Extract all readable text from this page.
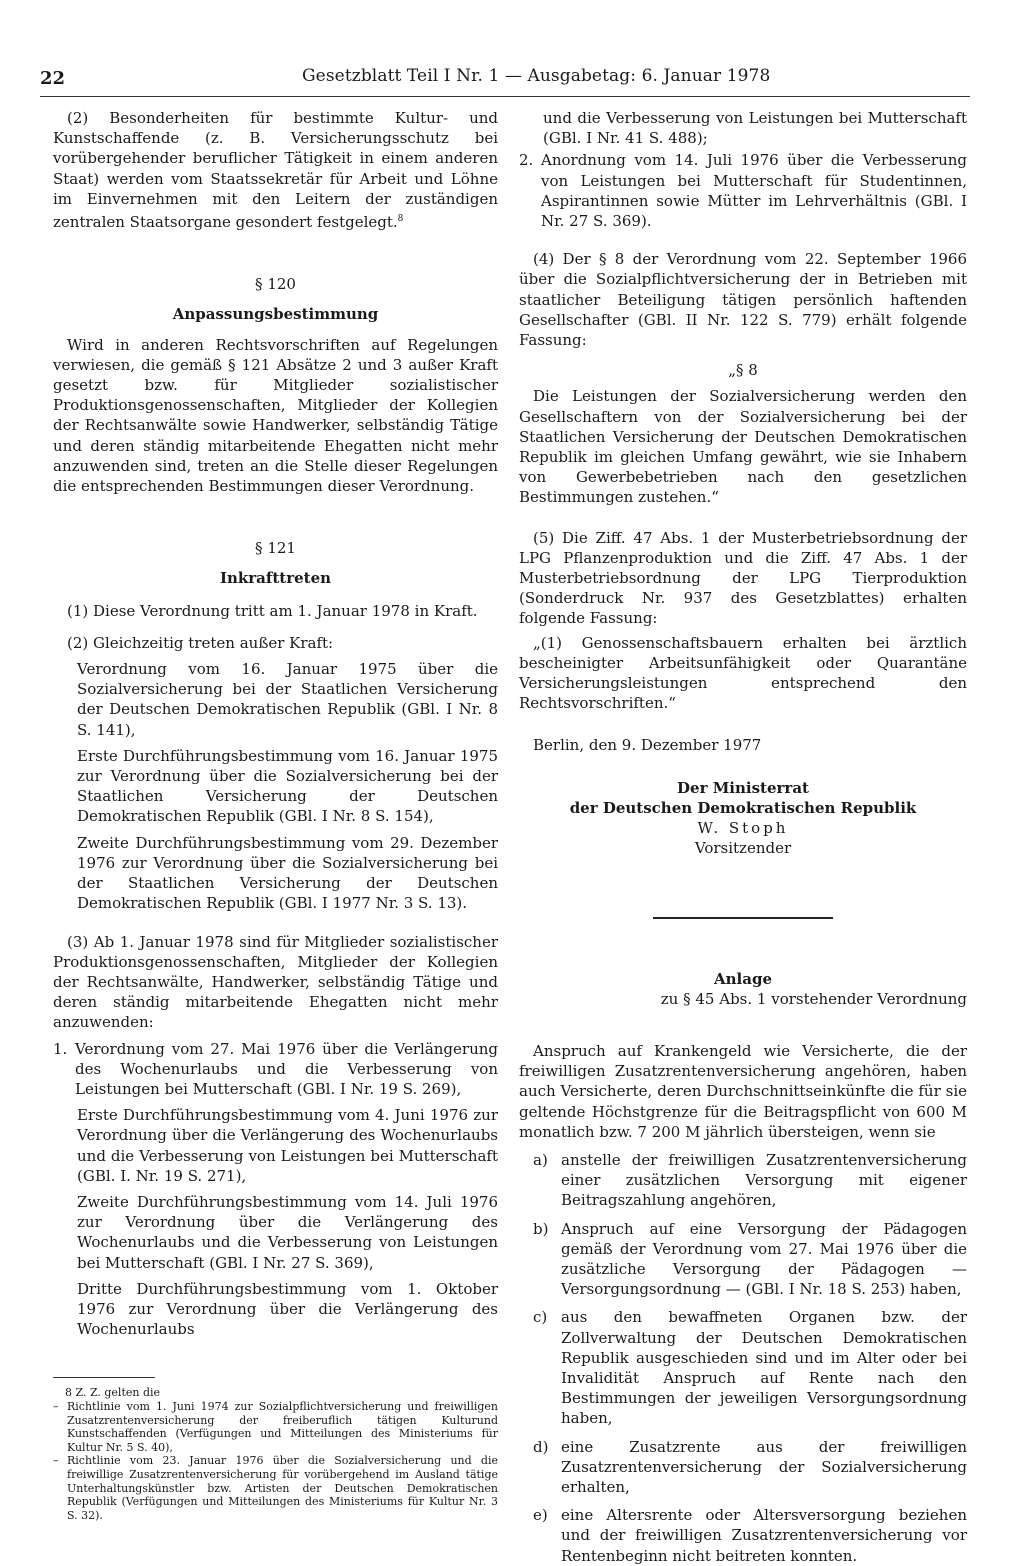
22	Gesetzblatt Teil I Nr. 1 — Ausgabetag: 6. Januar 1978

(2) Besonderheiten für bestimmte Kultur- und Kunstschaffende (z. B. Versicherungsschutz bei vorübergehender beruflicher Tätigkeit in einem anderen Staat) werden vom Staatssekretär für Arbeit und Löhne im Einvernehmen mit den Leitern der zuständigen zentralen Staatsorgane gesondert festgelegt.$^8$

§ 120

Anpassungsbestimmung

Wird in anderen Rechtsvorschriften auf Regelungen verwiesen, die gemäß § 121 Absätze 2 und 3 außer Kraft gesetzt bzw. für Mitglieder sozialistischer Produktionsgenossenschaften, Mitglieder der Kollegien der Rechtsanwälte sowie Handwerker, selbständig Tätige und deren ständig mitarbeitende Ehegatten nicht mehr anzuwenden sind, treten an die Stelle dieser Regelungen die entsprechenden Bestimmungen dieser Verordnung.

§ 121

Inkrafttreten

(1) Diese Verordnung tritt am 1. Januar 1978 in Kraft.

(2) Gleichzeitig treten außer Kraft:

Verordnung vom 16. Januar 1975 über die Sozialversicherung bei der Staatlichen Versicherung der Deutschen Demokratischen Republik (GBl. I Nr. 8 S. 141),

Erste Durchführungsbestimmung vom 16. Januar 1975 zur Verordnung über die Sozialversicherung bei der Staatlichen Versicherung der Deutschen Demokratischen Republik (GBl. I Nr. 8 S. 154),

Zweite Durchführungsbestimmung vom 29. Dezember 1976 zur Verordnung über die Sozialversicherung bei der Staatlichen Versicherung der Deutschen Demokratischen Republik (GBl. I 1977 Nr. 3 S. 13).

(3) Ab 1. Januar 1978 sind für Mitglieder sozialistischer Produktionsgenossenschaften, Mitglieder der Kollegien der Rechtsanwälte, Handwerker, selbständig Tätige und deren ständig mitarbeitende Ehegatten nicht mehr anzuwenden:

1. Verordnung vom 27. Mai 1976 über die Verlängerung des Wochenurlaubs und die Verbesserung von Leistungen bei Mutterschaft (GBl. I Nr. 19 S. 269),

Erste Durchführungsbestimmung vom 4. Juni 1976 zur Verordnung über die Verlängerung des Wochenurlaubs und die Verbesserung von Leistungen bei Mutterschaft (GBl. I. Nr. 19 S. 271),

Zweite Durchführungsbestimmung vom 14. Juli 1976 zur Verordnung über die Verlängerung des Wochenurlaubs und die Verbesserung von Leistungen bei Mutterschaft (GBl. I Nr. 27 S. 369),

Dritte Durchführungsbestimmung vom 1. Oktober 1976 zur Verordnung über die Verlängerung des Wochenurlaubs

8 Z. Z. gelten die

– Richtlinie vom 1. Juni 1974 zur Sozialpflichtversicherung und freiwilligen Zusatzrentenversicherung der freiberuflich tätigen Kulturund Kunstschaffenden (Verfügungen und Mitteilungen des Ministeriums für Kultur Nr. 5 S. 40),
– Richtlinie vom 23. Januar 1976 über die Sozialversicherung und die freiwillige Zusatzrentenversicherung für vorübergehend im Ausland tätige Unterhaltungskünstler bzw. Artisten der Deutschen Demokratischen Republik (Verfügungen und Mitteilungen des Ministeriums für Kultur Nr. 3 S. 32).

und die Verbesserung von Leistungen bei Mutterschaft (GBl. I Nr. 41 S. 488);

2. Anordnung vom 14. Juli 1976 über die Verbesserung von Leistungen bei Mutterschaft für Studentinnen, Aspirantinnen sowie Mütter im Lehrverhältnis (GBl. I Nr. 27 S. 369).

(4) Der § 8 der Verordnung vom 22. September 1966 über die Sozialpflichtversicherung der in Betrieben mit staatlicher Beteiligung tätigen persönlich haftenden Gesellschafter (GBl. II Nr. 122 S. 779) erhält folgende Fassung:

„§ 8

Die Leistungen der Sozialversicherung werden den Gesellschaftern von der Sozialversicherung bei der Staatlichen Versicherung der Deutschen Demokratischen Republik im gleichen Umfang gewährt, wie sie Inhabern von Gewerbebetrieben nach den gesetzlichen Bestimmungen zustehen.“

(5) Die Ziff. 47 Abs. 1 der Musterbetriebsordnung der LPG Pflanzenproduktion und die Ziff. 47 Abs. 1 der Musterbetriebsordnung der LPG Tierproduktion (Sonderdruck Nr. 937 des Gesetzblattes) erhalten folgende Fassung:

„(1) Genossenschaftsbauern erhalten bei ärztlich bescheinigter Arbeitsunfähigkeit oder Quarantäne Versicherungsleistungen entsprechend den Rechtsvorschriften.“

Berlin, den 9. Dezember 1977

Der Ministerrat

der Deutschen Demokratischen Republik

W. Stoph

Vorsitzender

Anlage

zu § 45 Abs. 1 vorstehender Verordnung

Anspruch auf Krankengeld wie Versicherte, die der freiwilligen Zusatzrentenversicherung angehören, haben auch Versicherte, deren Durchschnittseinkünfte die für sie geltende Höchstgrenze für die Beitragspflicht von 600 M monatlich bzw. 7 200 M jährlich übersteigen, wenn sie

a) anstelle der freiwilligen Zusatzrentenversicherung einer zusätzlichen Versorgung mit eigener Beitragszahlung angehören,
b) Anspruch auf eine Versorgung der Pädagogen gemäß der Verordnung vom 27. Mai 1976 über die zusätzliche Versorgung der Pädagogen — Versorgungsordnung — (GBl. I Nr. 18 S. 253) haben,
c) aus den bewaffneten Organen bzw. der Zollverwaltung der Deutschen Demokratischen Republik ausgeschieden sind und im Alter oder bei Invalidität Anspruch auf Rente nach den Bestimmungen der jeweiligen Versorgungsordnung haben,
d) eine Zusatzrente aus der freiwilligen Zusatzrentenversicherung der Sozialversicherung erhalten,
e) eine Altersrente oder Altersversorgung beziehen und der freiwilligen Zusatzrentenversicherung vor Rentenbeginn nicht beitreten konnten.
